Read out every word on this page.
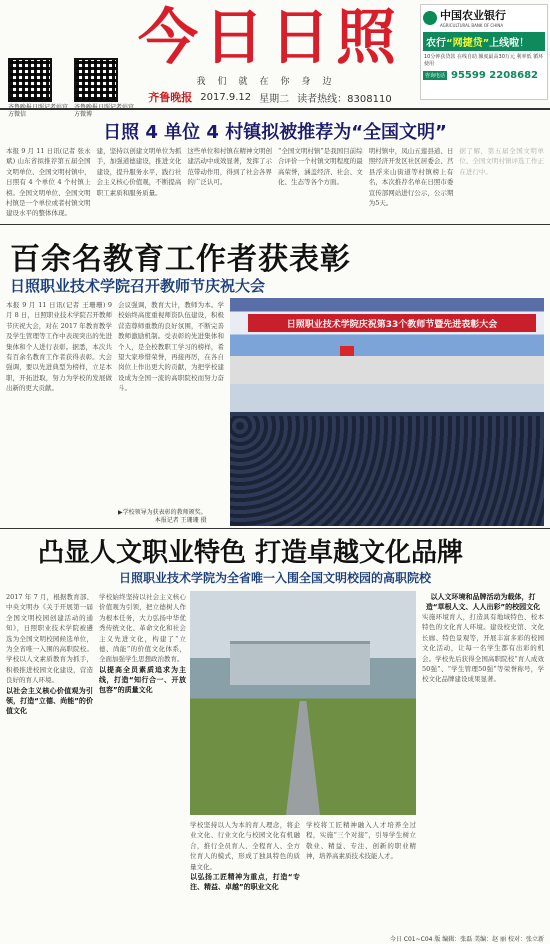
方微信	方微博
今日日照
我们就在你身边
齐鲁晚报 2017.9.12 星期二 读者热线：8308110
中国农业银行
AGRICULTURAL BANK OF CHINA
农行“网捷贷”上线啦！
10分钟获贷款 在线自助 额度最高30万元 利率低 循环使用
咨询电话 95599 2208682
日照 4 单位 4 村镇拟被推荐为“全国文明”
本报 9 月 11 日讯(记者 张永斌) 山东省拟推荐第五届全国文明单位、全国文明村镇中，日照有 4 个单位 4 个村镇上榜。全国文明单位、全国文明村镇是一个单位或者村镇文明建设水平的整体体现。
建，坚持以创建文明单位为抓手，加强道德建设，推进文化建设，提升服务水平，践行社会主义核心价值观，不断提高职工素质和服务质量。
这些单位和村镇在精神文明创建活动中成效显著，发挥了示范带动作用，得到了社会各界的广泛认可。
“全国文明村镇”是我国目前综合评价一个村镇文明程度的最高荣誉，涵盖经济、社会、文化、生态等各个方面。
明村镇中，凤山五莲县道、日照经济开发区社区居委会、莒县浮来山街道等村镇榜上有名，本次推荐名单在日照市委宣传部网站进行公示，公示期为5天。
据了解，第五届全国文明单位、全国文明村镇评选工作正在进行中。
百余名教育工作者获表彰
日照职业技术学院召开教师节庆祝大会
本报 9 月 11 日讯(记者 王珊珊) 9 月 8 日，日照职业技术学院召开教师节庆祝大会，对在 2017 年教育教学及学生管理等工作中表现突出的先进集体和个人进行表彰。据悉，本次共有百余名教育工作者获得表彰。大会强调，要以先进典型为榜样，立足本职，开拓进取，努力为学校的发展做出新的更大贡献。
会议强调，教育大计，教师为本。学校始终高度重视师资队伍建设，积极营造尊师重教的良好氛围，不断完善教师激励机制。受表彰的先进集体和个人，是全校教职工学习的榜样，希望大家珍惜荣誉，再接再厉，在各自岗位上作出更大的贡献，为把学校建设成为全国一流的高职院校而努力奋斗。
日照职业技术学院庆祝第33个教师节暨先进表彰大会
▶学校领导为获表彰的教师颁奖。
本报记者 王珊珊 摄
凸显人文职业特色 打造卓越文化品牌
日照职业技术学院为全省唯一入围全国文明校园的高职院校
2017 年 7 月，根据教育部、中央文明办《关于开展第一届全国文明校园创建活动的通知》，日照职业技术学院被遴选为全国文明校园候选单位，为全省唯一入围的高职院校。学校以人文素质教育为抓手，积极推进校园文化建设，营造良好的育人环境。
以社会主义核心价值观为引领，打造“立德、尚能”的价值文化
学校始终坚持以社会主义核心价值观为引领，把立德树人作为根本任务，大力弘扬中华优秀传统文化、革命文化和社会主义先进文化，构建了“立德、尚能”的价值文化体系，全面加强学生思想政治教育。
以提高全员素质追求为主线，打造“知行合一、开放包容”的质量文化
学校坚持以人为本的育人理念，将企业文化、行业文化与校园文化有机融合，推行全员育人、全程育人、全方位育人的模式，形成了独具特色的质量文化。
以弘扬工匠精神为重点，打造“专注、精益、卓越”的职业文化
学校将工匠精神融入人才培养全过程，实施“三个对接”，引导学生树立敬业、精益、专注、创新的职业精神，培养高素质技术技能人才。
以人文环境和品牌活动为载体，打造“草根人文、人人出彩”的校园文化
实施环境育人，打造具有地域特色、校本特色的文化育人环境。建设校史馆、文化长廊、特色景观等，开展丰富多彩的校园文化活动，让每一名学生都有出彩的机会。学校先后获得全国高职院校“育人成效50强”、“学生管理50强”等荣誉称号，学校文化品牌建设成果显著。
今日 C01~C04 版 编辑：张磊 美编：赵 丽 校对：张立新
